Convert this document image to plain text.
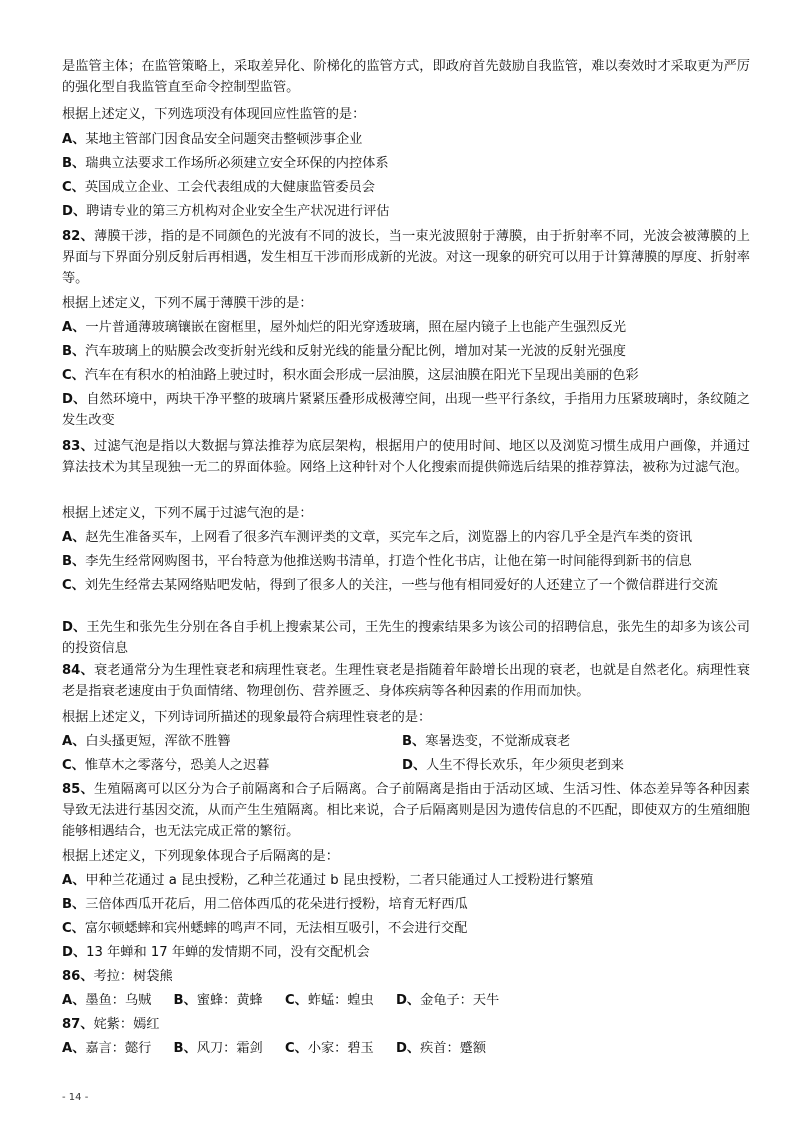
是监管主体；在监管策略上，采取差异化、阶梯化的监管方式，即政府首先鼓励自我监管，难以奏效时才采取更为严厉的强化型自我监管直至命令控制型监管。
根据上述定义，下列选项没有体现回应性监管的是：
A、某地主管部门因食品安全问题突击整顿涉事企业
B、瑞典立法要求工作场所必须建立安全环保的内控体系
C、英国成立企业、工会代表组成的大健康监管委员会
D、聘请专业的第三方机构对企业安全生产状况进行评估
82、薄膜干涉，指的是不同颜色的光波有不同的波长，当一束光波照射于薄膜，由于折射率不同，光波会被薄膜的上界面与下界面分别反射后再相遇，发生相互干涉而形成新的光波。对这一现象的研究可以用于计算薄膜的厚度、折射率等。
根据上述定义，下列不属于薄膜干涉的是：
A、一片普通薄玻璃镶嵌在窗框里，屋外灿烂的阳光穿透玻璃，照在屋内镜子上也能产生强烈反光
B、汽车玻璃上的贴膜会改变折射光线和反射光线的能量分配比例，增加对某一光波的反射光强度
C、汽车在有积水的柏油路上驶过时，积水面会形成一层油膜，这层油膜在阳光下呈现出美丽的色彩
D、自然环境中，两块干净平整的玻璃片紧紧压叠形成极薄空间，出现一些平行条纹，手指用力压紧玻璃时，条纹随之发生改变
83、过滤气泡是指以大数据与算法推荐为底层架构，根据用户的使用时间、地区以及浏览习惯生成用户画像，并通过算法技术为其呈现独一无二的界面体验。网络上这种针对个人化搜索而提供筛选后结果的推荐算法，被称为过滤气泡。
根据上述定义，下列不属于过滤气泡的是：
A、赵先生准备买车，上网看了很多汽车测评类的文章，买完车之后，浏览器上的内容几乎全是汽车类的资讯
B、李先生经常网购图书，平台特意为他推送购书清单，打造个性化书店，让他在第一时间能得到新书的信息
C、刘先生经常去某网络贴吧发帖，得到了很多人的关注，一些与他有相同爱好的人还建立了一个微信群进行交流
D、王先生和张先生分别在各自手机上搜索某公司，王先生的搜索结果多为该公司的招聘信息，张先生的却多为该公司的投资信息
84、衰老通常分为生理性衰老和病理性衰老。生理性衰老是指随着年龄增长出现的衰老，也就是自然老化。病理性衰老是指衰老速度由于负面情绪、物理创伤、营养匮乏、身体疾病等各种因素的作用而加快。
根据上述定义，下列诗词所描述的现象最符合病理性衰老的是：
A、白头搔更短，浑欲不胜簪	B、寒暑迭变，不觉渐成衰老
C、惟草木之零落兮，恐美人之迟暮	D、人生不得长欢乐，年少须臾老到来
85、生殖隔离可以区分为合子前隔离和合子后隔离。合子前隔离是指由于活动区域、生活习性、体态差异等各种因素导致无法进行基因交流，从而产生生殖隔离。相比来说，合子后隔离则是因为遗传信息的不匹配，即使双方的生殖细胞能够相遇结合，也无法完成正常的繁衍。
根据上述定义，下列现象体现合子后隔离的是：
A、甲种兰花通过 a 昆虫授粉，乙种兰花通过 b 昆虫授粉，二者只能通过人工授粉进行繁殖
B、三倍体西瓜开花后，用二倍体西瓜的花朵进行授粉，培育无籽西瓜
C、富尔顿蟋蟀和宾州蟋蟀的鸣声不同，无法相互吸引，不会进行交配
D、13 年蝉和 17 年蝉的发情期不同，没有交配机会
86、考拉：树袋熊
A、墨鱼：乌贼 B、蜜蜂：黄蜂 C、蚱蜢：蝗虫 D、金龟子：天牛
87、姹紫：嫣红
A、嘉言：懿行 B、风刀：霜剑 C、小家：碧玉 D、疾首：蹙额
- 14 -
